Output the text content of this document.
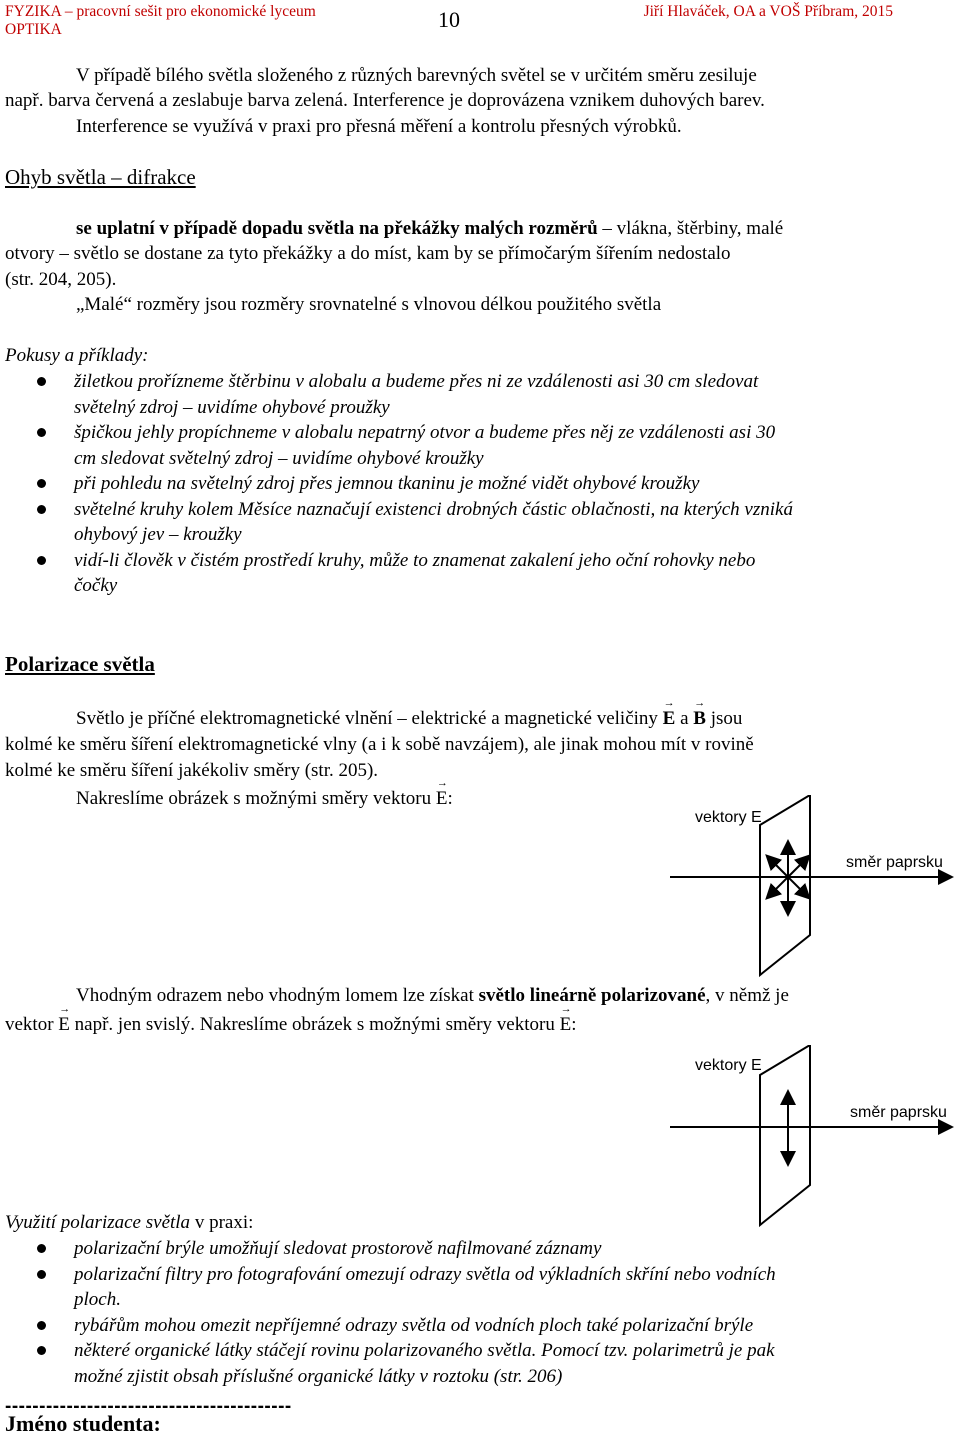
FYZIKA – pracovní sešit pro ekonomické lyceum
OPTIKA	10	Jiří Hlaváček, OA a VOŠ Příbram, 2015
V případě bílého světla složeného z různých barevných světel se v určitém směru zesiluje
např. barva červená a zeslabuje barva zelená. Interference je doprovázena vznikem duhových barev.
Interference se využívá v praxi pro přesná měření a kontrolu přesných výrobků.
Ohyb světla – difrakce
se uplatní v případě dopadu světla na překážky malých rozměrů – vlákna, štěrbiny, malé
otvory – světlo se dostane za tyto překážky a do míst, kam by se přímočarým šířením nedostalo
(str. 204, 205).
„Malé“ rozměry jsou rozměry srovnatelné s vlnovou délkou použitého světla
Pokusy a příklady:
žiletkou prořízneme štěrbinu v alobalu a budeme přes ni ze vzdálenosti asi 30 cm sledovat
světelný zdroj – uvidíme ohybové proužky
špičkou jehly propíchneme v alobalu nepatrný otvor a budeme přes něj ze vzdálenosti asi 30
cm sledovat světelný zdroj – uvidíme ohybové kroužky
při pohledu na světelný zdroj přes jemnou tkaninu je možné vidět ohybové kroužky
světelné kruhy kolem Měsíce naznačují existenci drobných částic oblačnosti, na kterých vzniká
ohybový jev – kroužky
vidí-li člověk v čistém prostředí kruhy, může to znamenat zakalení jeho oční rohovky nebo
čočky
Polarizace světla
Světlo je příčné elektromagnetické vlnění – elektrické a magnetické veličiny
→
E a
→
B jsou
kolmé ke směru šíření elektromagnetické vlny (a i k sobě navzájem), ale jinak mohou mít v rovině
kolmé ke směru šíření jakékoliv směry (str. 205).
Nakreslíme obrázek s možnými směry vektoru
→
E:
vektory E
směr paprsku
Vhodným odrazem nebo vhodným lomem lze získat světlo lineárně polarizované, v němž je
vektor
→
E např. jen svislý. Nakreslíme obrázek s možnými směry vektoru
→
E:
vektory E
směr paprsku
Využití polarizace světla v praxi:
polarizační brýle umožňují sledovat prostorově nafilmované záznamy
polarizační filtry pro fotografování omezují odrazy světla od výkladních skříní nebo vodních
ploch.
rybářům mohou omezit nepříjemné odrazy světla od vodních ploch také polarizační brýle
některé organické látky stáčejí rovinu polarizovaného světla. Pomocí tzv. polarimetrů je pak
možné zjistit obsah příslušné organické látky v roztoku (str. 206)
------------------------------------------
Jméno studenta:
